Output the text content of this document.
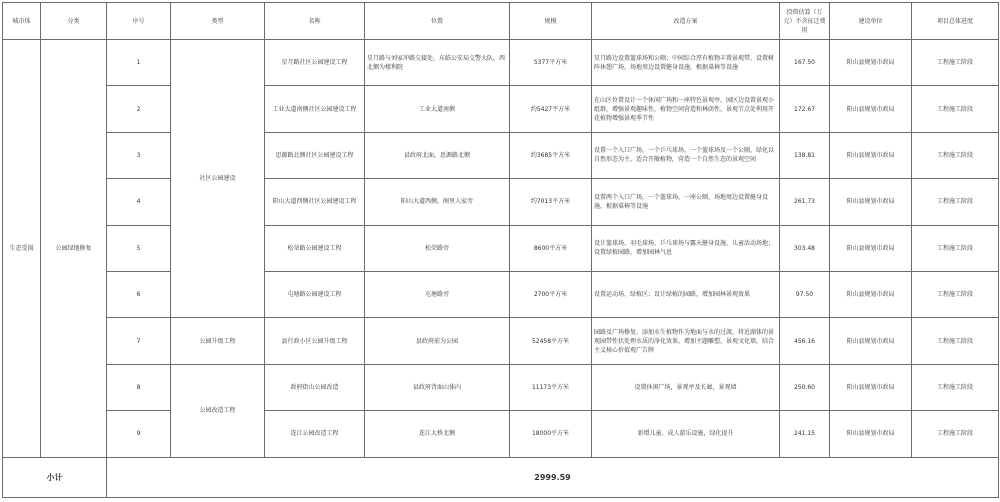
城市体	分类	序号	类型	名称	位置	规模	改造方案	投资估算（万元）不含征迁费用	建设单位	项目总体进度
生态受损	公园绿地修复	1	社区公园建设	星月路社区公园建设工程	星月路与刘家冲路交接处，东临公安局交警大队，西北侧为楼利院	5377平方米	星月路边设置篮球场和公厕；中间综合厚有植物丰置景观带，设置树阵休憩广场，场地周边设置健身设施，根据桌椅等设施	167.50	阳山县规划市政局	工程施工阶段
		2		工业大道南侧社区公园建设工程	工业大道南侧	约5427平方米	在山区位置设计一个休闲广场和一座特色景观亭，园区边设置景观小组群，增强景观趣味性，植物空间营造和林荫性，景观节点处利用开花植物增强景观季节性	172.67	阳山县规划市政局	工程施工阶段
		3		思源路北侧社区公园建设工程	县政府北面，思源路北侧	约3685平方米	设置一个入口广场，一个乒乓球场，一个篮球场及一个公厕，绿化以自然形态为主，适合开敞植物，营造一个自然生态的景观空间	138.81	阳山县规划市政局	工程施工阶段
		4		阳山大道西侧社区公园建设工程	阳山大道西侧，阁里人家旁	约7013平方米	设置两个入口广场，一个篮球场，一座公厕，场地周边设置健身设施，根据桌椅等设施	261.73	阳山县规划市政局	工程施工阶段
		5		松荣路公园建设工程	松荣路旁	8600平方米	设计篮球场、羽毛球场、乒乓球场与露天健身设施，儿童活动场地；设置绿植园路，增加园林气息	303.48	阳山县规划市政局	工程施工阶段
		6		屯塘路公园建设工程	屯塘路旁	2700平方米	设置运动场、绿植区；设计绿植的园路，增加园林景观效果	97.50	阳山县规划市政局	工程施工阶段
		7	公园升级工程	县行政小区公园升级工程	县政府前为公园	52458平方米	园路及广场修复，添加水生植物作为地面与水的过渡，将近湖体的景观园带性状处理水质的净化效果，增加主题雕塑，景观文化墙，结合主义核心价值观广告牌	456.16	阳山县规划市政局	工程施工阶段
		8	公园改造工程	政府街山公园改造	县政府背面山体内	11173平方米	设置休闲广场，景观亭及长廊，景观墙	250.60	阳山县规划市政局	工程施工阶段
		9		连江公园改造工程	连江大桥北侧	18000平方米	新增儿童、成人游乐设施，绿化提升	241.15	阳山县规划市政局	工程施工阶段
小计		2999.59								
